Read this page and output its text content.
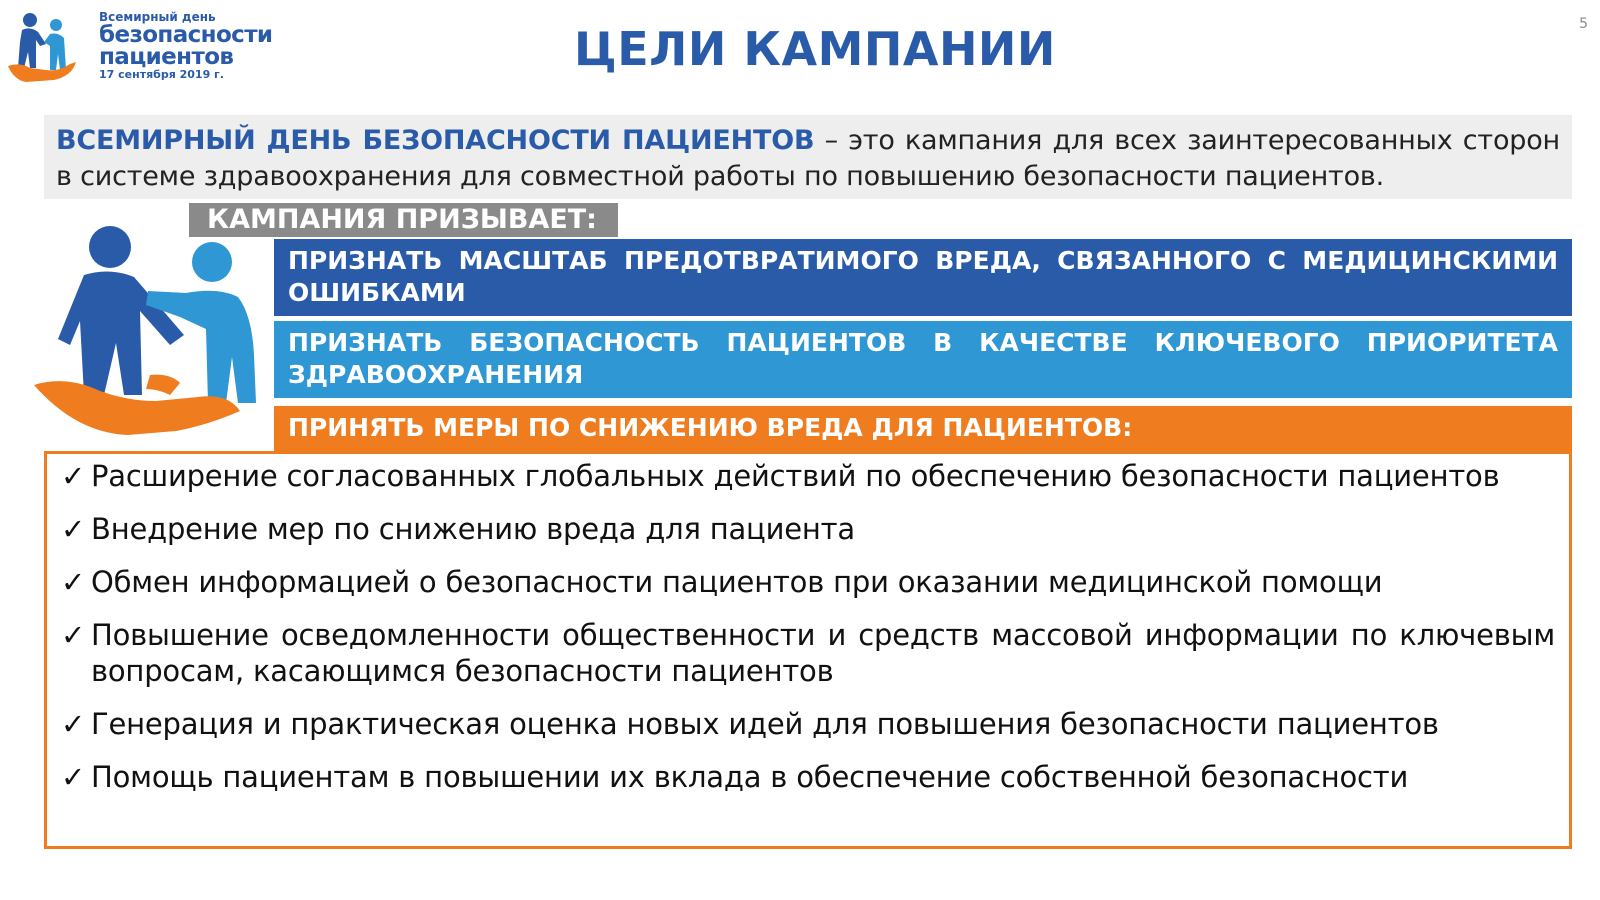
Всемирный день
безопасности
пациентов
17 сентября 2019 г.
5
ЦЕЛИ КАМПАНИИ
ВСЕМИРНЫЙ ДЕНЬ БЕЗОПАСНОСТИ ПАЦИЕНТОВ – это кампания для всех заинтересованных сторон в системе здравоохранения для совместной работы по повышению безопасности пациентов.
КАМПАНИЯ ПРИЗЫВАЕТ:
ПРИЗНАТЬ МАСШТАБ ПРЕДОТВРАТИМОГО ВРЕДА, СВЯЗАННОГО С МЕДИЦИНСКИМИ ОШИБКАМИ
ПРИЗНАТЬ БЕЗОПАСНОСТЬ ПАЦИЕНТОВ В КАЧЕСТВЕ КЛЮЧЕВОГО ПРИОРИТЕТА ЗДРАВООХРАНЕНИЯ
ПРИНЯТЬ МЕРЫ ПО СНИЖЕНИЮ ВРЕДА ДЛЯ ПАЦИЕНТОВ:
✓ Расширение согласованных глобальных действий по обеспечению безопасности пациентов
✓ Внедрение мер по снижению вреда для пациента
✓ Обмен информацией о безопасности пациентов при оказании медицинской помощи
✓ Повышение осведомленности общественности и средств массовой информации по ключевым вопросам, касающимся безопасности пациентов
✓ Генерация и практическая оценка новых идей для повышения безопасности пациентов
✓ Помощь пациентам в повышении их вклада в обеспечение собственной безопасности
